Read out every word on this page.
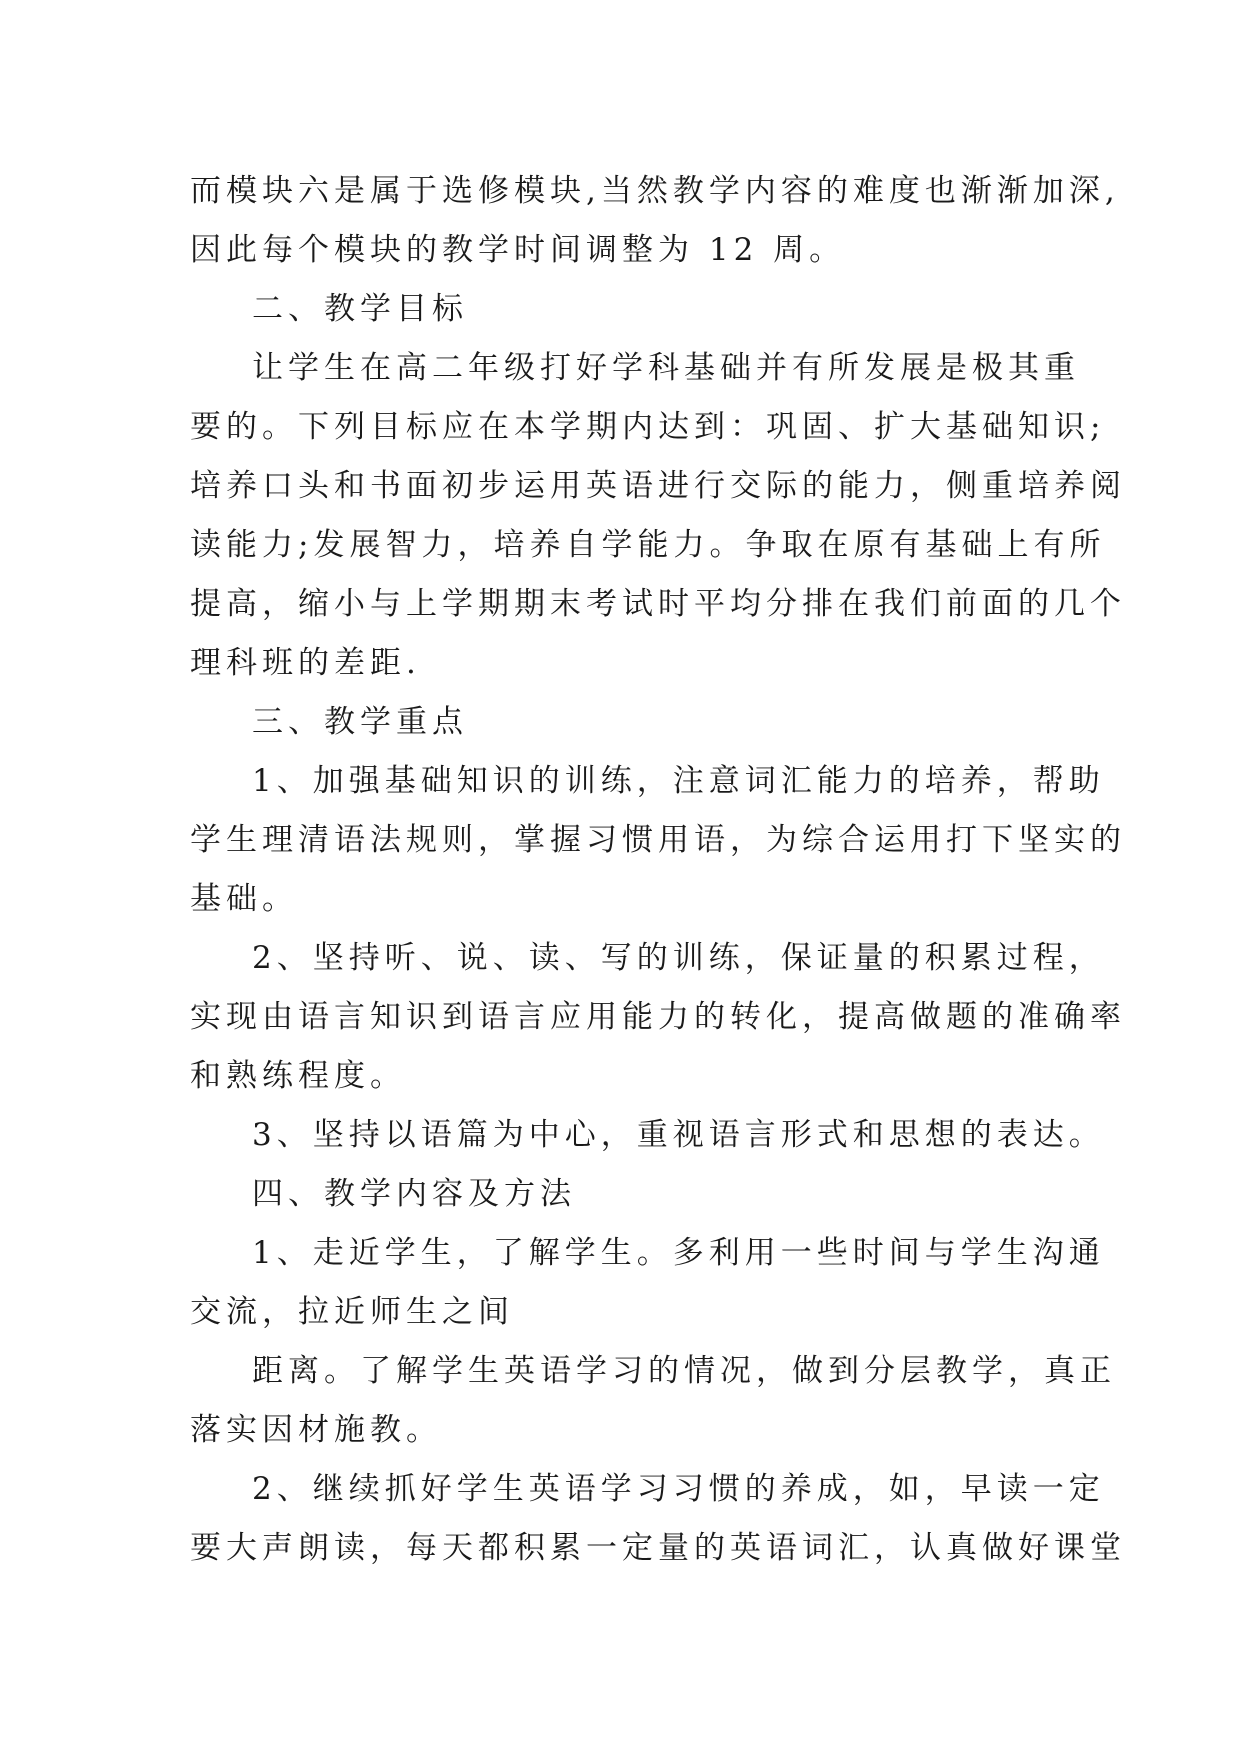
而模块六是属于选修模块,当然教学内容的难度也渐渐加深,
因此每个模块的教学时间调整为 12 周。
二、教学目标
让学生在高二年级打好学科基础并有所发展是极其重
要的。下列目标应在本学期内达到：巩固、扩大基础知识;
培养口头和书面初步运用英语进行交际的能力，侧重培养阅
读能力;发展智力，培养自学能力。争取在原有基础上有所
提高，缩小与上学期期末考试时平均分排在我们前面的几个
理科班的差距.
三、教学重点
1、加强基础知识的训练，注意词汇能力的培养，帮助
学生理清语法规则，掌握习惯用语，为综合运用打下坚实的
基础。
2、坚持听、说、读、写的训练，保证量的积累过程，
实现由语言知识到语言应用能力的转化，提高做题的准确率
和熟练程度。
3、坚持以语篇为中心，重视语言形式和思想的表达。
四、教学内容及方法
1、走近学生，了解学生。多利用一些时间与学生沟通
交流，拉近师生之间
距离。了解学生英语学习的情况，做到分层教学，真正
落实因材施教。
2、继续抓好学生英语学习习惯的养成，如，早读一定
要大声朗读，每天都积累一定量的英语词汇，认真做好课堂
